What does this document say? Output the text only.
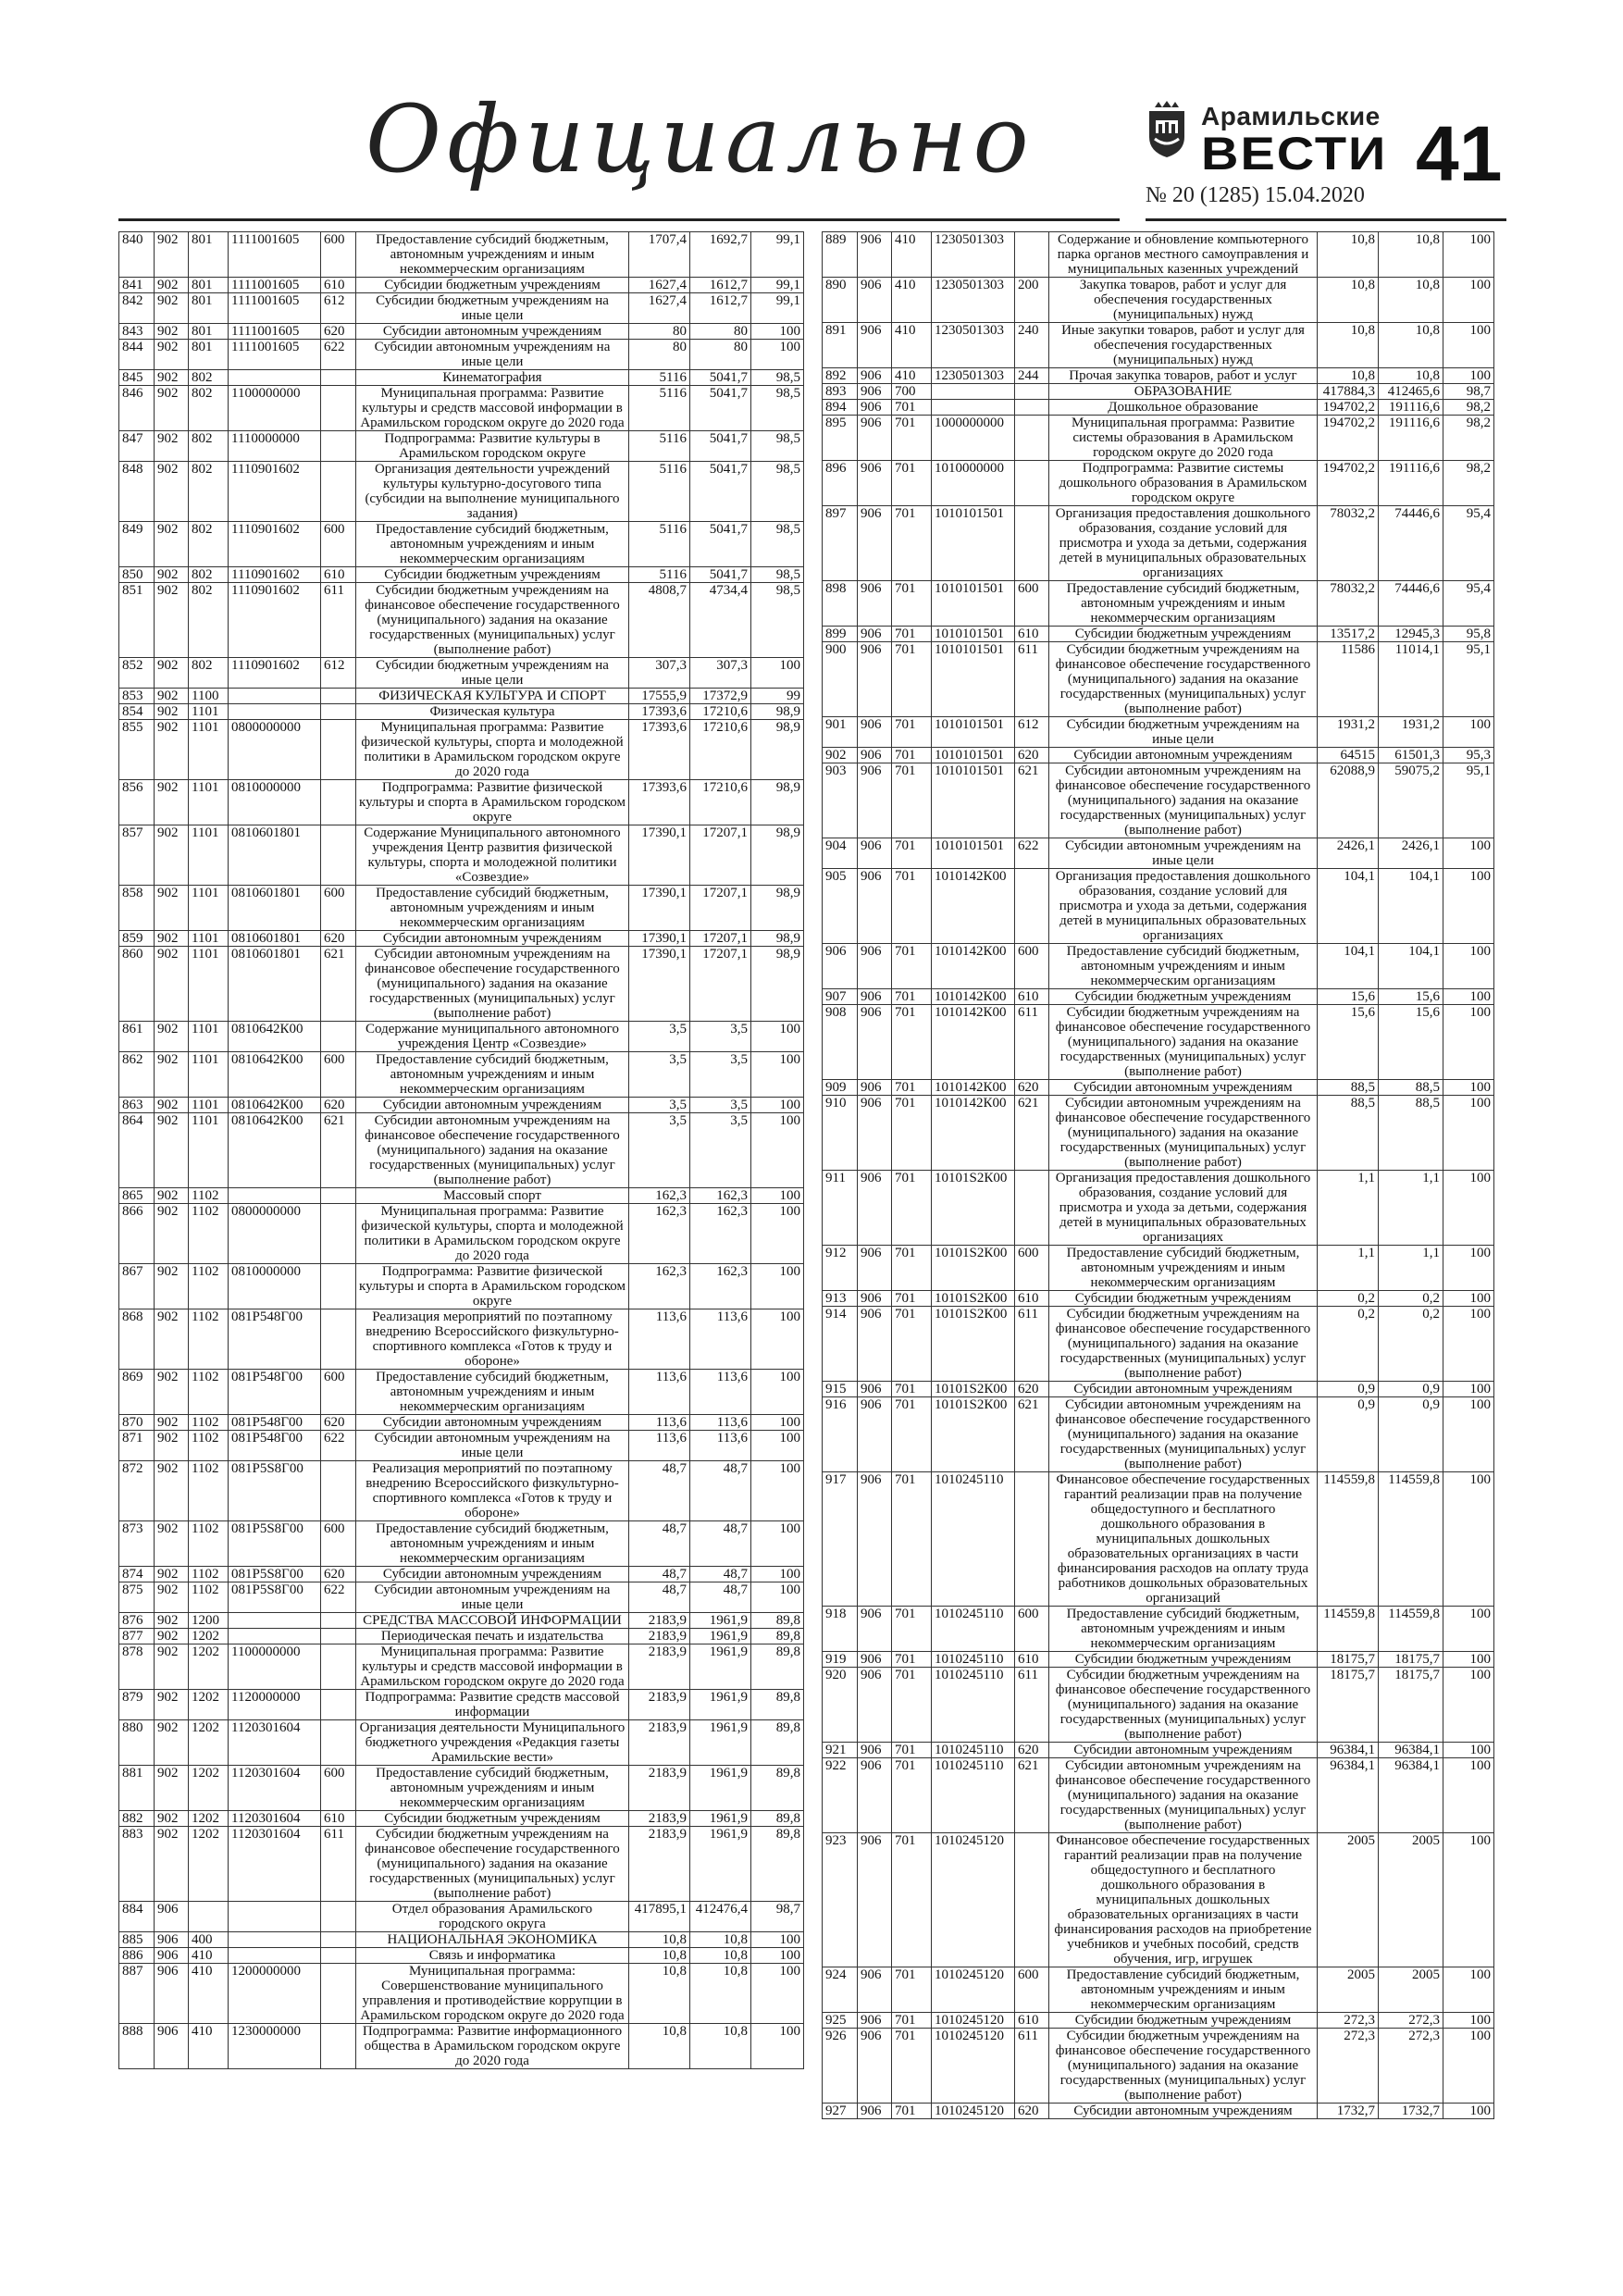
Официально	Арамильские
ВЕСТИ
№ 20 (1285) 15.04.2020 41
840	902	801	1111001605	600	Предоставление субсидий бюджетным, автономным учреждениям и иным некоммерческим организациям	1707,4	1692,7	99,1
841	902	801	1111001605	610	Субсидии бюджетным учреждениям	1627,4	1612,7	99,1
842	902	801	1111001605	612	Субсидии бюджетным учреждениям на иные цели	1627,4	1612,7	99,1
843	902	801	1111001605	620	Субсидии автономным учреждениям	80	80	100
844	902	801	1111001605	622	Субсидии автономным учреждениям на иные цели	80	80	100
845	902	802			Кинематография	5116	5041,7	98,5
846	902	802	1100000000		Муниципальная программа: Развитие культуры и средств массовой информации в Арамильском городском округе до 2020 года	5116	5041,7	98,5
847	902	802	1110000000		Подпрограмма: Развитие культуры в Арамильском городском округе	5116	5041,7	98,5
848	902	802	1110901602		Организация деятельности учреждений культуры культурно-досугового типа (субсидии на выполнение муниципального задания)	5116	5041,7	98,5
849	902	802	1110901602	600	Предоставление субсидий бюджетным, автономным учреждениям и иным некоммерческим организациям	5116	5041,7	98,5
850	902	802	1110901602	610	Субсидии бюджетным учреждениям	5116	5041,7	98,5
851	902	802	1110901602	611	Субсидии бюджетным учреждениям на финансовое обеспечение государственного (муниципального) задания на оказание государственных (муниципальных) услуг (выполнение работ)	4808,7	4734,4	98,5
852	902	802	1110901602	612	Субсидии бюджетным учреждениям на иные цели	307,3	307,3	100
853	902	1100			ФИЗИЧЕСКАЯ КУЛЬТУРА И СПОРТ	17555,9	17372,9	99
854	902	1101			Физическая культура	17393,6	17210,6	98,9
855	902	1101	0800000000		Муниципальная программа: Развитие физической культуры, спорта и молодежной политики в Арамильском городском округе до 2020 года	17393,6	17210,6	98,9
856	902	1101	0810000000		Подпрограмма: Развитие физической культуры и спорта в Арамильском городском округе	17393,6	17210,6	98,9
857	902	1101	0810601801		Содержание Муниципального автономного учреждения Центр развития физической культуры, спорта и молодежной политики «Созвездие»	17390,1	17207,1	98,9
858	902	1101	0810601801	600	Предоставление субсидий бюджетным, автономным учреждениям и иным некоммерческим организациям	17390,1	17207,1	98,9
859	902	1101	0810601801	620	Субсидии автономным учреждениям	17390,1	17207,1	98,9
860	902	1101	0810601801	621	Субсидии автономным учреждениям на финансовое обеспечение государственного (муниципального) задания на оказание государственных (муниципальных) услуг (выполнение работ)	17390,1	17207,1	98,9
861	902	1101	0810642К00		Содержание муниципального автономного учреждения Центр «Созвездие»	3,5	3,5	100
862	902	1101	0810642К00	600	Предоставление субсидий бюджетным, автономным учреждениям и иным некоммерческим организациям	3,5	3,5	100
863	902	1101	0810642К00	620	Субсидии автономным учреждениям	3,5	3,5	100
864	902	1101	0810642К00	621	Субсидии автономным учреждениям на финансовое обеспечение государственного (муниципального) задания на оказание государственных (муниципальных) услуг (выполнение работ)	3,5	3,5	100
865	902	1102			Массовый спорт	162,3	162,3	100
866	902	1102	0800000000		Муниципальная программа: Развитие физической культуры, спорта и молодежной политики в Арамильском городском округе до 2020 года	162,3	162,3	100
867	902	1102	0810000000		Подпрограмма: Развитие физической культуры и спорта в Арамильском городском округе	162,3	162,3	100
868	902	1102	081Р548Г00		Реализация мероприятий по поэтапному внедрению Всероссийского физкультурно-спортивного комплекса «Готов к труду и обороне»	113,6	113,6	100
869	902	1102	081Р548Г00	600	Предоставление субсидий бюджетным, автономным учреждениям и иным некоммерческим организациям	113,6	113,6	100
870	902	1102	081Р548Г00	620	Субсидии автономным учреждениям	113,6	113,6	100
871	902	1102	081Р548Г00	622	Субсидии автономным учреждениям на иные цели	113,6	113,6	100
872	902	1102	081Р5S8Г00		Реализация мероприятий по поэтапному внедрению Всероссийского физкультурно-спортивного комплекса «Готов к труду и обороне»	48,7	48,7	100
873	902	1102	081Р5S8Г00	600	Предоставление субсидий бюджетным, автономным учреждениям и иным некоммерческим организациям	48,7	48,7	100
874	902	1102	081Р5S8Г00	620	Субсидии автономным учреждениям	48,7	48,7	100
875	902	1102	081Р5S8Г00	622	Субсидии автономным учреждениям на иные цели	48,7	48,7	100
876	902	1200			СРЕДСТВА МАССОВОЙ ИНФОРМАЦИИ	2183,9	1961,9	89,8
877	902	1202			Периодическая печать и издательства	2183,9	1961,9	89,8
878	902	1202	1100000000		Муниципальная программа: Развитие культуры и средств массовой информации в Арамильском городском округе до 2020 года	2183,9	1961,9	89,8
879	902	1202	1120000000		Подпрограмма: Развитие средств массовой информации	2183,9	1961,9	89,8
880	902	1202	1120301604		Организация деятельности Муниципального бюджетного учреждения «Редакция газеты Арамильские вести»	2183,9	1961,9	89,8
881	902	1202	1120301604	600	Предоставление субсидий бюджетным, автономным учреждениям и иным некоммерческим организациям	2183,9	1961,9	89,8
882	902	1202	1120301604	610	Субсидии бюджетным учреждениям	2183,9	1961,9	89,8
883	902	1202	1120301604	611	Субсидии бюджетным учреждениям на финансовое обеспечение государственного (муниципального) задания на оказание государственных (муниципальных) услуг (выполнение работ)	2183,9	1961,9	89,8
884	906				Отдел образования Арамильского городского округа	417895,1	412476,4	98,7
885	906	400			НАЦИОНАЛЬНАЯ ЭКОНОМИКА	10,8	10,8	100
886	906	410			Связь и информатика	10,8	10,8	100
887	906	410	1200000000		Муниципальная программа: Совершенствование муниципального управления и противодействие коррупции в Арамильском городском округе до 2020 года	10,8	10,8	100
888	906	410	1230000000		Подпрограмма: Развитие информационного общества в Арамильском городском округе до 2020 года	10,8	10,8	100
889	906	410	1230501303		Содержание и обновление компьютерного парка органов местного самоуправления и муниципальных казенных учреждений	10,8	10,8	100
890	906	410	1230501303	200	Закупка товаров, работ и услуг для обеспечения государственных (муниципальных) нужд	10,8	10,8	100
891	906	410	1230501303	240	Иные закупки товаров, работ и услуг для обеспечения государственных (муниципальных) нужд	10,8	10,8	100
892	906	410	1230501303	244	Прочая закупка товаров, работ и услуг	10,8	10,8	100
893	906	700			ОБРАЗОВАНИЕ	417884,3	412465,6	98,7
894	906	701			Дошкольное образование	194702,2	191116,6	98,2
895	906	701	1000000000		Муниципальная программа: Развитие системы образования в Арамильском городском округе до 2020 года	194702,2	191116,6	98,2
896	906	701	1010000000		Подпрограмма: Развитие системы дошкольного образования в Арамильском городском округе	194702,2	191116,6	98,2
897	906	701	1010101501		Организация предоставления дошкольного образования, создание условий для присмотра и ухода за детьми, содержания детей в муниципальных образовательных организациях	78032,2	74446,6	95,4
898	906	701	1010101501	600	Предоставление субсидий бюджетным, автономным учреждениям и иным некоммерческим организациям	78032,2	74446,6	95,4
899	906	701	1010101501	610	Субсидии бюджетным учреждениям	13517,2	12945,3	95,8
900	906	701	1010101501	611	Субсидии бюджетным учреждениям на финансовое обеспечение государственного (муниципального) задания на оказание государственных (муниципальных) услуг (выполнение работ)	11586	11014,1	95,1
901	906	701	1010101501	612	Субсидии бюджетным учреждениям на иные цели	1931,2	1931,2	100
902	906	701	1010101501	620	Субсидии автономным учреждениям	64515	61501,3	95,3
903	906	701	1010101501	621	Субсидии автономным учреждениям на финансовое обеспечение государственного (муниципального) задания на оказание государственных (муниципальных) услуг (выполнение работ)	62088,9	59075,2	95,1
904	906	701	1010101501	622	Субсидии автономным учреждениям на иные цели	2426,1	2426,1	100
905	906	701	1010142К00		Организация предоставления дошкольного образования, создание условий для присмотра и ухода за детьми, содержания детей в муниципальных образовательных организациях	104,1	104,1	100
906	906	701	1010142К00	600	Предоставление субсидий бюджетным, автономным учреждениям и иным некоммерческим организациям	104,1	104,1	100
907	906	701	1010142К00	610	Субсидии бюджетным учреждениям	15,6	15,6	100
908	906	701	1010142К00	611	Субсидии бюджетным учреждениям на финансовое обеспечение государственного (муниципального) задания на оказание государственных (муниципальных) услуг (выполнение работ)	15,6	15,6	100
909	906	701	1010142К00	620	Субсидии автономным учреждениям	88,5	88,5	100
910	906	701	1010142К00	621	Субсидии автономным учреждениям на финансовое обеспечение государственного (муниципального) задания на оказание государственных (муниципальных) услуг (выполнение работ)	88,5	88,5	100
911	906	701	10101S2К00		Организация предоставления дошкольного образования, создание условий для присмотра и ухода за детьми, содержания детей в муниципальных образовательных организациях	1,1	1,1	100
912	906	701	10101S2К00	600	Предоставление субсидий бюджетным, автономным учреждениям и иным некоммерческим организациям	1,1	1,1	100
913	906	701	10101S2К00	610	Субсидии бюджетным учреждениям	0,2	0,2	100
914	906	701	10101S2К00	611	Субсидии бюджетным учреждениям на финансовое обеспечение государственного (муниципального) задания на оказание государственных (муниципальных) услуг (выполнение работ)	0,2	0,2	100
915	906	701	10101S2К00	620	Субсидии автономным учреждениям	0,9	0,9	100
916	906	701	10101S2К00	621	Субсидии автономным учреждениям на финансовое обеспечение государственного (муниципального) задания на оказание государственных (муниципальных) услуг (выполнение работ)	0,9	0,9	100
917	906	701	1010245110		Финансовое обеспечение государственных гарантий реализации прав на получение общедоступного и бесплатного дошкольного образования в муниципальных дошкольных образовательных организациях в части финансирования расходов на оплату труда работников дошкольных образовательных организаций	114559,8	114559,8	100
918	906	701	1010245110	600	Предоставление субсидий бюджетным, автономным учреждениям и иным некоммерческим организациям	114559,8	114559,8	100
919	906	701	1010245110	610	Субсидии бюджетным учреждениям	18175,7	18175,7	100
920	906	701	1010245110	611	Субсидии бюджетным учреждениям на финансовое обеспечение государственного (муниципального) задания на оказание государственных (муниципальных) услуг (выполнение работ)	18175,7	18175,7	100
921	906	701	1010245110	620	Субсидии автономным учреждениям	96384,1	96384,1	100
922	906	701	1010245110	621	Субсидии автономным учреждениям на финансовое обеспечение государственного (муниципального) задания на оказание государственных (муниципальных) услуг (выполнение работ)	96384,1	96384,1	100
923	906	701	1010245120		Финансовое обеспечение государственных гарантий реализации прав на получение общедоступного и бесплатного дошкольного образования в муниципальных дошкольных образовательных организациях в части финансирования расходов на приобретение учебников и учебных пособий, средств обучения, игр, игрушек	2005	2005	100
924	906	701	1010245120	600	Предоставление субсидий бюджетным, автономным учреждениям и иным некоммерческим организациям	2005	2005	100
925	906	701	1010245120	610	Субсидии бюджетным учреждениям	272,3	272,3	100
926	906	701	1010245120	611	Субсидии бюджетным учреждениям на финансовое обеспечение государственного (муниципального) задания на оказание государственных (муниципальных) услуг (выполнение работ)	272,3	272,3	100
927	906	701	1010245120	620	Субсидии автономным учреждениям	1732,7	1732,7	100
